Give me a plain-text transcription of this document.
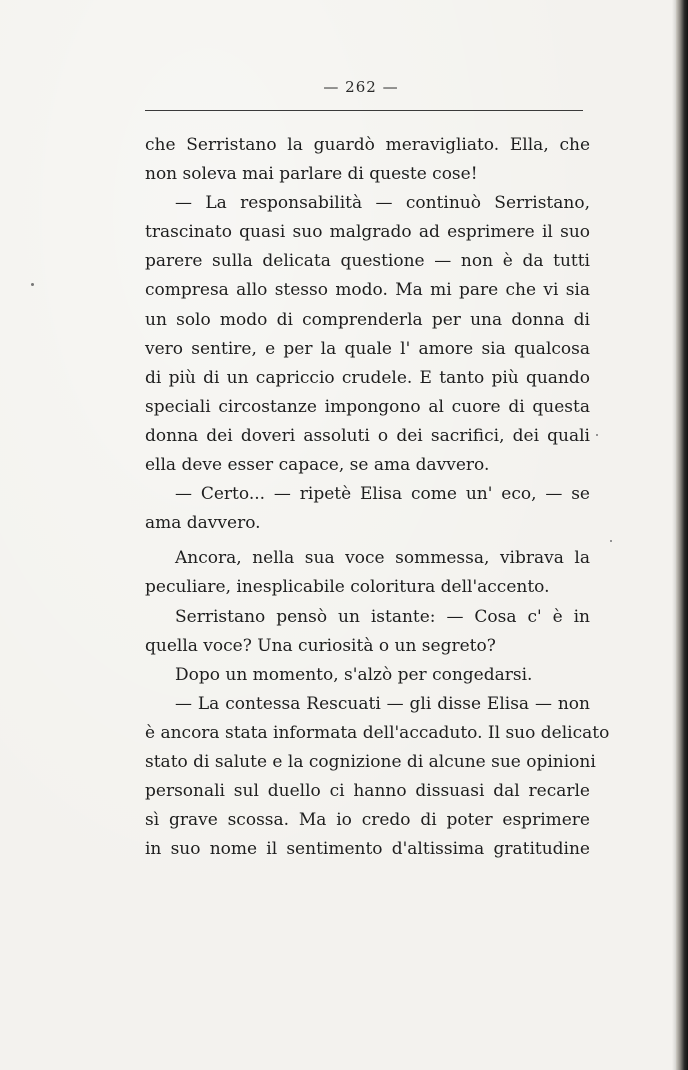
— 262 —
che Serristano la guardò meravigliato. Ella, che
non soleva mai parlare di queste cose!
— La responsabilità — continuò Serristano,
trascinato quasi suo malgrado ad esprimere il suo
parere sulla delicata questione — non è da tutti
compresa allo stesso modo. Ma mi pare che vi sia
un solo modo di comprenderla per una donna di
vero sentire, e per la quale l' amore sia qualcosa
di più di un capriccio crudele. E tanto più quando
speciali circostanze impongono al cuore di questa
donna dei doveri assoluti o dei sacrifici, dei quali
ella deve esser capace, se ama davvero.
— Certo... — ripetè Elisa come un' eco, — se
ama davvero.
Ancora, nella sua voce sommessa, vibrava la
peculiare, inesplicabile coloritura dell'accento.
Serristano pensò un istante: — Cosa c' è in
quella voce? Una curiosità o un segreto?
Dopo un momento, s'alzò per congedarsi.
— La contessa Rescuati — gli disse Elisa — non
è ancora stata informata dell'accaduto. Il suo delicato
stato di salute e la cognizione di alcune sue opinioni
personali sul duello ci hanno dissuasi dal recarle
sì grave scossa. Ma io credo di poter esprimere
in suo nome il sentimento d'altissima gratitudine
